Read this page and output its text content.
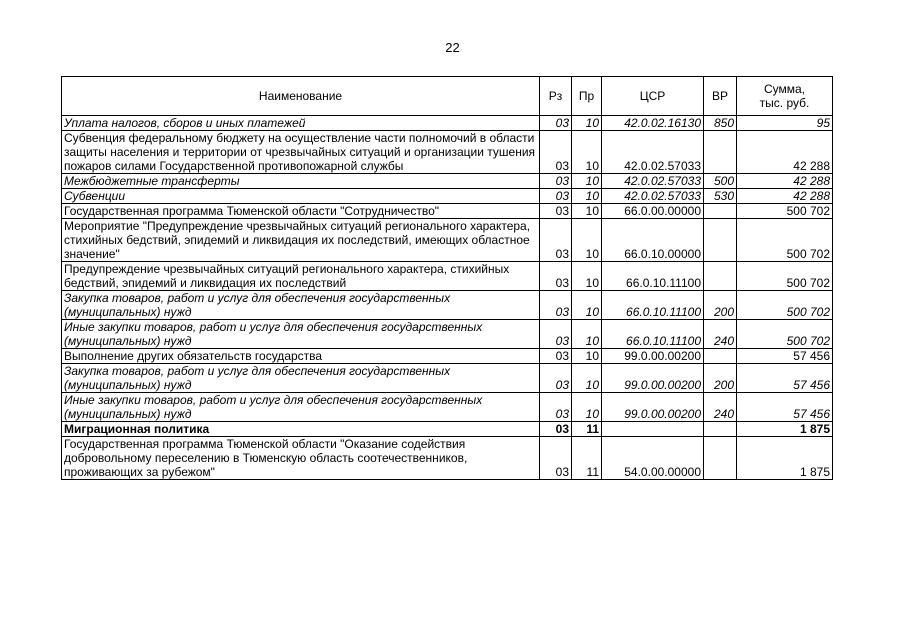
22
Наименование	Рз	Пр	ЦСР	ВР	Сумма,
тыс. руб.

Уплата налогов, сборов и иных платежей	03	10	42.0.02.16130	850	95
Субвенция федеральному бюджету на осуществление части полномочий в области защиты населения и территории от чрезвычайных ситуаций и организации тушения пожаров силами Государственной противопожарной службы	03	10	42.0.02.57033		42 288
Межбюджетные трансферты	03	10	42.0.02.57033	500	42 288
Субвенции	03	10	42.0.02.57033	530	42 288
Государственная программа Тюменской области "Сотрудничество"	03	10	66.0.00.00000		500 702
Мероприятие "Предупреждение чрезвычайных ситуаций регионального характера, стихийных бедствий, эпидемий и ликвидация их последствий, имеющих областное значение"	03	10	66.0.10.00000		500 702
Предупреждение чрезвычайных ситуаций регионального характера, стихийных бедствий, эпидемий и ликвидация их последствий	03	10	66.0.10.11100		500 702
Закупка товаров, работ и услуг для обеспечения государственных (муниципальных) нужд	03	10	66.0.10.11100	200	500 702
Иные закупки товаров, работ и услуг для обеспечения государственных (муниципальных) нужд	03	10	66.0.10.11100	240	500 702
Выполнение других обязательств государства	03	10	99.0.00.00200		57 456
Закупка товаров, работ и услуг для обеспечения государственных (муниципальных) нужд	03	10	99.0.00.00200	200	57 456
Иные закупки товаров, работ и услуг для обеспечения государственных (муниципальных) нужд	03	10	99.0.00.00200	240	57 456
Миграционная политика	03	11			1 875
Государственная программа Тюменской области "Оказание содействия добровольному переселению в Тюменскую область соотечественников, проживающих за рубежом"	03	11	54.0.00.00000		1 875
